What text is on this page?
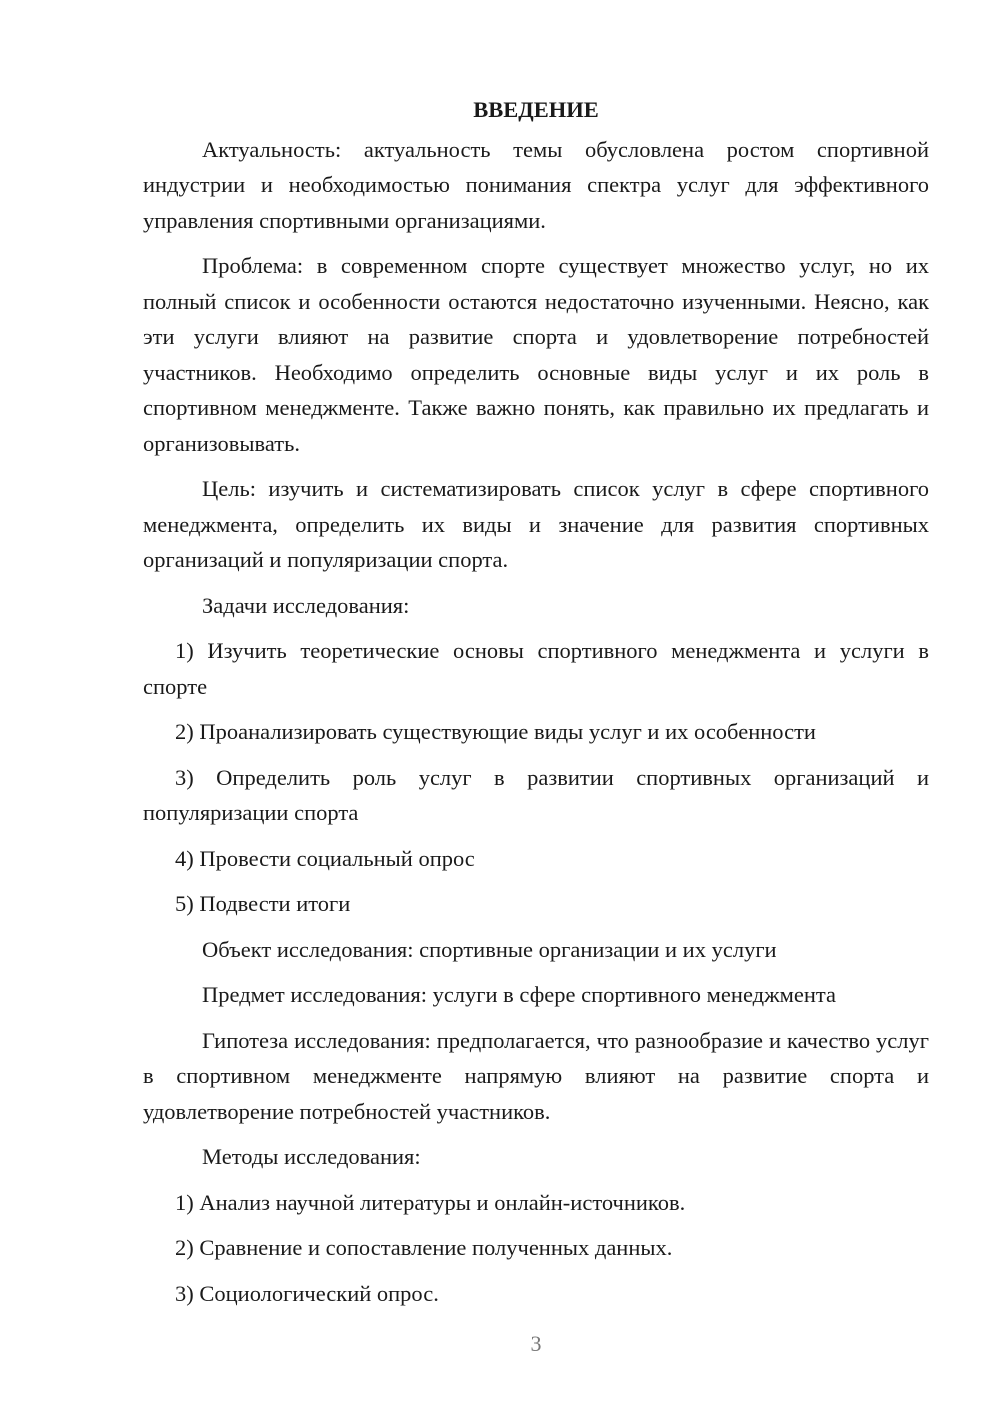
ВВЕДЕНИЕ

Актуальность: актуальность темы обусловлена ростом спортивной индустрии и необходимостью понимания спектра услуг для эффективного управления спортивными организациями.

Проблема: в современном спорте существует множество услуг, но их полный список и особенности остаются недостаточно изученными. Неясно, как эти услуги влияют на развитие спорта и удовлетворение потребностей участников. Необходимо определить основные виды услуг и их роль в спортивном менеджменте. Также важно понять, как правильно их предлагать и организовывать.

Цель: изучить и систематизировать список услуг в сфере спортивного менеджмента, определить их виды и значение для развития спортивных организаций и популяризации спорта.

Задачи исследования:

1) Изучить теоретические основы спортивного менеджмента и услуги в спорте

2) Проанализировать существующие виды услуг и их особенности

3) Определить роль услуг в развитии спортивных организаций и популяризации спорта

4) Провести социальный опрос

5) Подвести итоги

Объект исследования: спортивные организации и их услуги

Предмет исследования: услуги в сфере спортивного менеджмента

Гипотеза исследования: предполагается, что разнообразие и качество услуг в спортивном менеджменте напрямую влияют на развитие спорта и удовлетворение потребностей участников.

Методы исследования:

1) Анализ научной литературы и онлайн-источников.

2) Сравнение и сопоставление полученных данных.

3) Социологический опрос.

3
